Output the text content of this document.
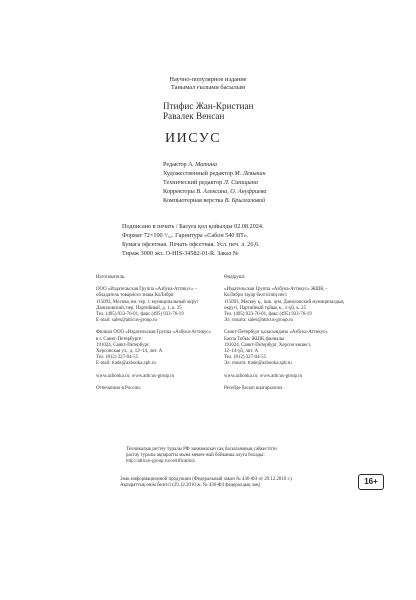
Научно-популярное издание
Танымал ғылыми басылым
Птифис Жан-Кристиан
Равалек Венсан
ИИСУС
Редактор А. Матина
Художественный редактор М. Левыкин
Технический редактор Л. Синицына
Корректоры В. Алексина, О. Ануфриева
Компьютерная верстка В. Брызгаловой
Подписано в печать / Басуға қол қойылды 02.08.2024.
Формат 72×100 ¹/₃₂. Гарнитура «Сабон 540 ВТ».
Бумага офсетная. Печать офсетная. Усл. печ. л. 26,6.
Тираж 3000 экз. O-HIS-34582-01-R. Заказ №
Изготовитель:
ООО «Издательская Группа «Азбука-Аттикус» –
обладатель товарного знака КоЛибри
115093, Москва, вн. тер. г. муниципальный округ
Даниловский, пер. Партийный, д. 1, к. 25
Тел. (495) 933-76-01, факс (495) 933-76-19
E-mail: sales@atticus-group.ru
Филиал ООО «Издательская Группа «Азбука-Аттикус»
в г. Санкт-Петербурге
191024, Санкт-Петербург,
Херсонская ул., д. 12–14, лит. А
Тел. (812) 327-04-55
E-mail: trade@azbooka.spb.ru
www.azbooka.ru; www.atticus-group.ru
Отпечатано в России.
Өндіруші:
«Издательская Группа «Азбука-Аттикус» ЖШҚ –
КоЛибри тауар белгісінің иесі
115093, Мәскеу қ., ішк. аум. Даниловский муниципалдық
округі, Партийный тұйық к., 1-үй, к. 25
Тел. (495) 933-76-01, факс (495) 933-76-19
Эл. пошта: sales@atticus-group.ru
Санкт-Петербург қаласындағы «Азбука-Аттикус»
Баспа Тобы» ЖШҚ филиалы
191024, Санкт-Петербург, Херсон көшесі,
12–14-үй, лит. А
Тел. (812) 327-04-55
Эл. пошта: trade@azbooka.spb.ru
www.azbooka.ru; www.atticus-group.ru
Ресейде басып шығарылған.
Техникалық реттеу туралы РФ заңнамасын сақ басылымның сәйкестігін
растау туралы ақпаратты мына мекен-жай бойынша алуға болады:
http://atticus-group.ru/certification/.
Знак информационной продукции (Федеральный закон № 436-ФЗ от 29.12.2010 г.)
Ақпараттық өнім белгісі (29.12.2010 ж. № 436-ФЗ федералдық заң)	16+
